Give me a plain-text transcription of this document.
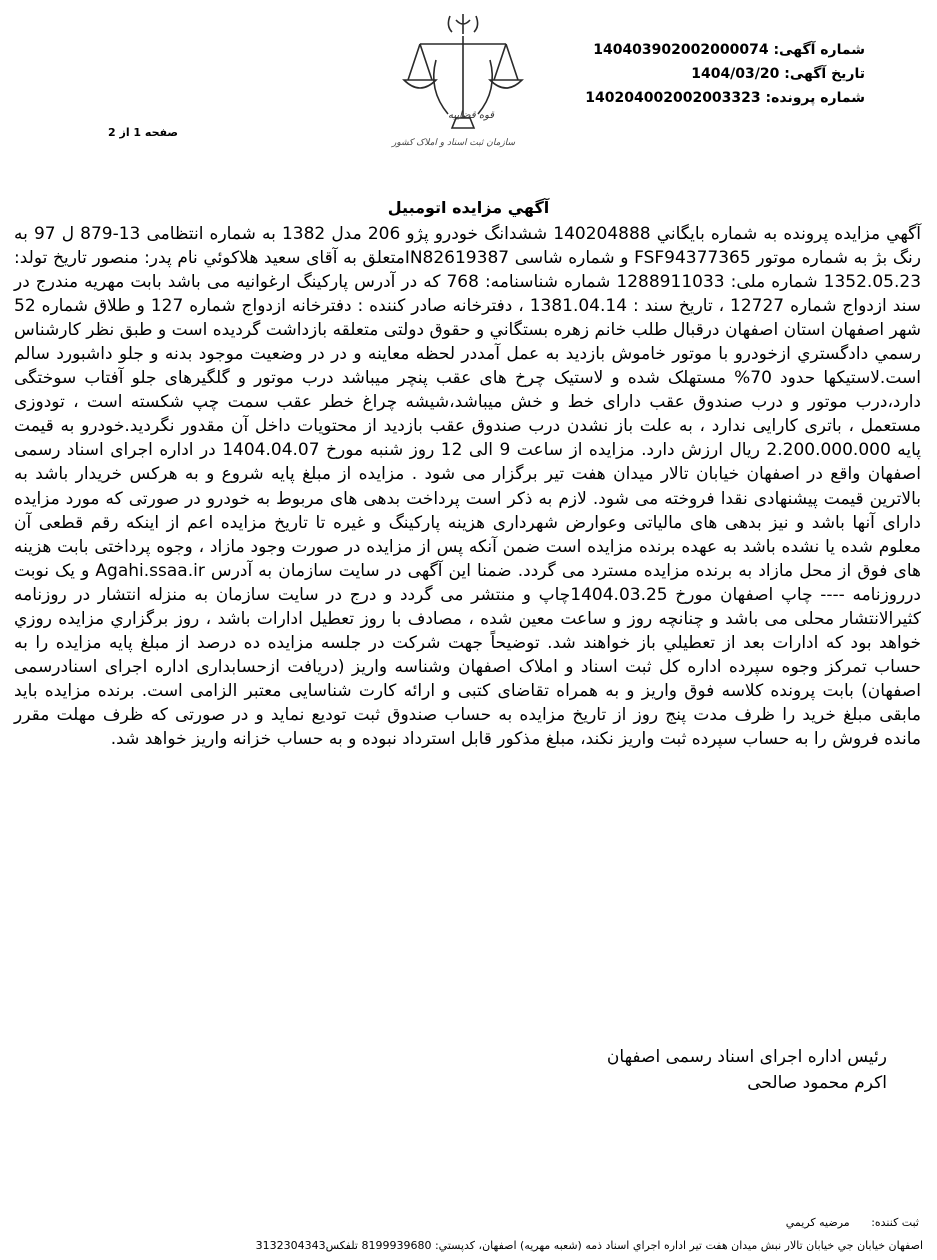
قوه قضاییه
سازمان ثبت اسناد و املاک کشور
شماره آگهی: 140403902002000074
تاریخ آگهی: 1404/03/20
شماره پرونده: 140204002002003323
صفحه 1 از 2
آگهي مزايده اتومبيل

آگهي مزايده پرونده به شماره بايگاني 140204888 ششدانگ خودرو پژو 206 مدل 1382 به شماره انتظامی 13-879 ل 97 به رنگ بژ به شماره موتور FSF94377365 و شماره شاسی IN82619387متعلق به آقای سعید هلاکوئي نام پدر: منصور تاريخ تولد: 1352.05.23 شماره ملی: 1288911033 شماره شناسنامه: 768 که در آدرس پارکینگ ارغوانیه می باشد بابت مهریه مندرج در سند ازدواج شماره 12727 ، تاریخ سند : 1381.04.14 ، دفترخانه صادر کننده : دفترخانه ازدواج شماره 127 و طلاق شماره 52 شهر اصفهان استان اصفهان درقبال طلب خانم زهره بستگاني و حقوق دولتی متعلقه بازداشت گرديده است و طبق نظر کارشناس رسمي دادگستري ازخودرو با موتور خاموش بازدید به عمل آمددر لحظه معاینه و در در وضعیت موجود بدنه و جلو داشبورد سالم است.لاستیکها حدود 70% مستهلک شده و لاستیک چرخ های عقب پنچر میباشد درب موتور و گلگیرهای جلو آفتاب سوختگی دارد،درب موتور و درب صندوق عقب دارای خط و خش میباشد،شیشه چراغ خطر عقب سمت چپ شکسته است ، تودوزی مستعمل ، باتری کارایی ندارد ، به علت باز نشدن درب صندوق عقب بازدید از محتویات داخل آن مقدور نگردید.خودرو به قیمت پایه 2.200.000.000 ريال ارزش دارد. مزايده از ساعت 9 الی 12 روز شنبه مورخ 1404.04.07 در اداره اجرای اسناد رسمی اصفهان واقع در اصفهان خيابان تالار ميدان هفت تير برگزار می شود . مزايده از مبلغ پايه شروع و به هرکس خريدار باشد به بالاترين قيمت پيشنهادی نقدا فروخته می شود. لازم به ذکر است پرداخت بدهی های مربوط به خودرو در صورتی که مورد مزايده دارای آنها باشد و نیز بدهی های مالیاتی وعوارض شهرداری هزینه پارکینگ و غیره تا تاریخ مزایده اعم از اینکه رقم قطعی آن معلوم شده یا نشده باشد به عهده برنده مزایده است ضمن آنکه پس از مزایده در صورت وجود مازاد ، وجوه پرداختی بابت هزینه های فوق از محل مازاد به برنده مزایده مسترد می گردد. ضمنا این آگهی در سایت سازمان به آدرس Agahi.ssaa.ir و یک نوبت درروزنامه ---- چاپ اصفهان مورخ 1404.03.25چاپ و منتشر می گردد و درج در سایت سازمان به منزله انتشار در روزنامه کثيرالانتشار محلی می باشد و چنانچه روز و ساعت معين شده ، مصادف با روز تعطيل ادارات باشد ، روز برگزاري مزايده روزي خواهد بود که ادارات بعد از تعطيلي باز خواهند شد. توضیحاً جهت شرکت در جلسه مزایده ده درصد از مبلغ پایه مزایده را به حساب تمرکز وجوه سپرده اداره کل ثبت اسناد و املاک اصفهان وشناسه واریز (دریافت ازحسابداری اداره اجرای اسنادرسمی اصفهان) بابت پرونده کلاسه فوق واریز و به همراه تقاضای کتبی و ارائه کارت شناسایی معتبر الزامی است. برنده مزایده باید مابقی مبلغ خرید را ظرف مدت پنج روز از تاریخ مزایده به حساب صندوق ثبت تودیع نماید و در صورتی که ظرف مهلت مقرر مانده فروش را به حساب سپرده ثبت واریز نکند، مبلغ مذکور قابل استرداد نبوده و به حساب خزانه واریز خواهد شد.

رئيس اداره اجرای اسناد رسمی اصفهان
اکرم محمود صالحی
ثبت کننده: مرضيه کريمي
اصفهان خيابان جي خيابان تالار نبش ميدان هفت تير اداره اجراي اسناد ذمه (شعبه مهريه) اصفهان، کدپستي: 8199939680 تلفکس3132304343
